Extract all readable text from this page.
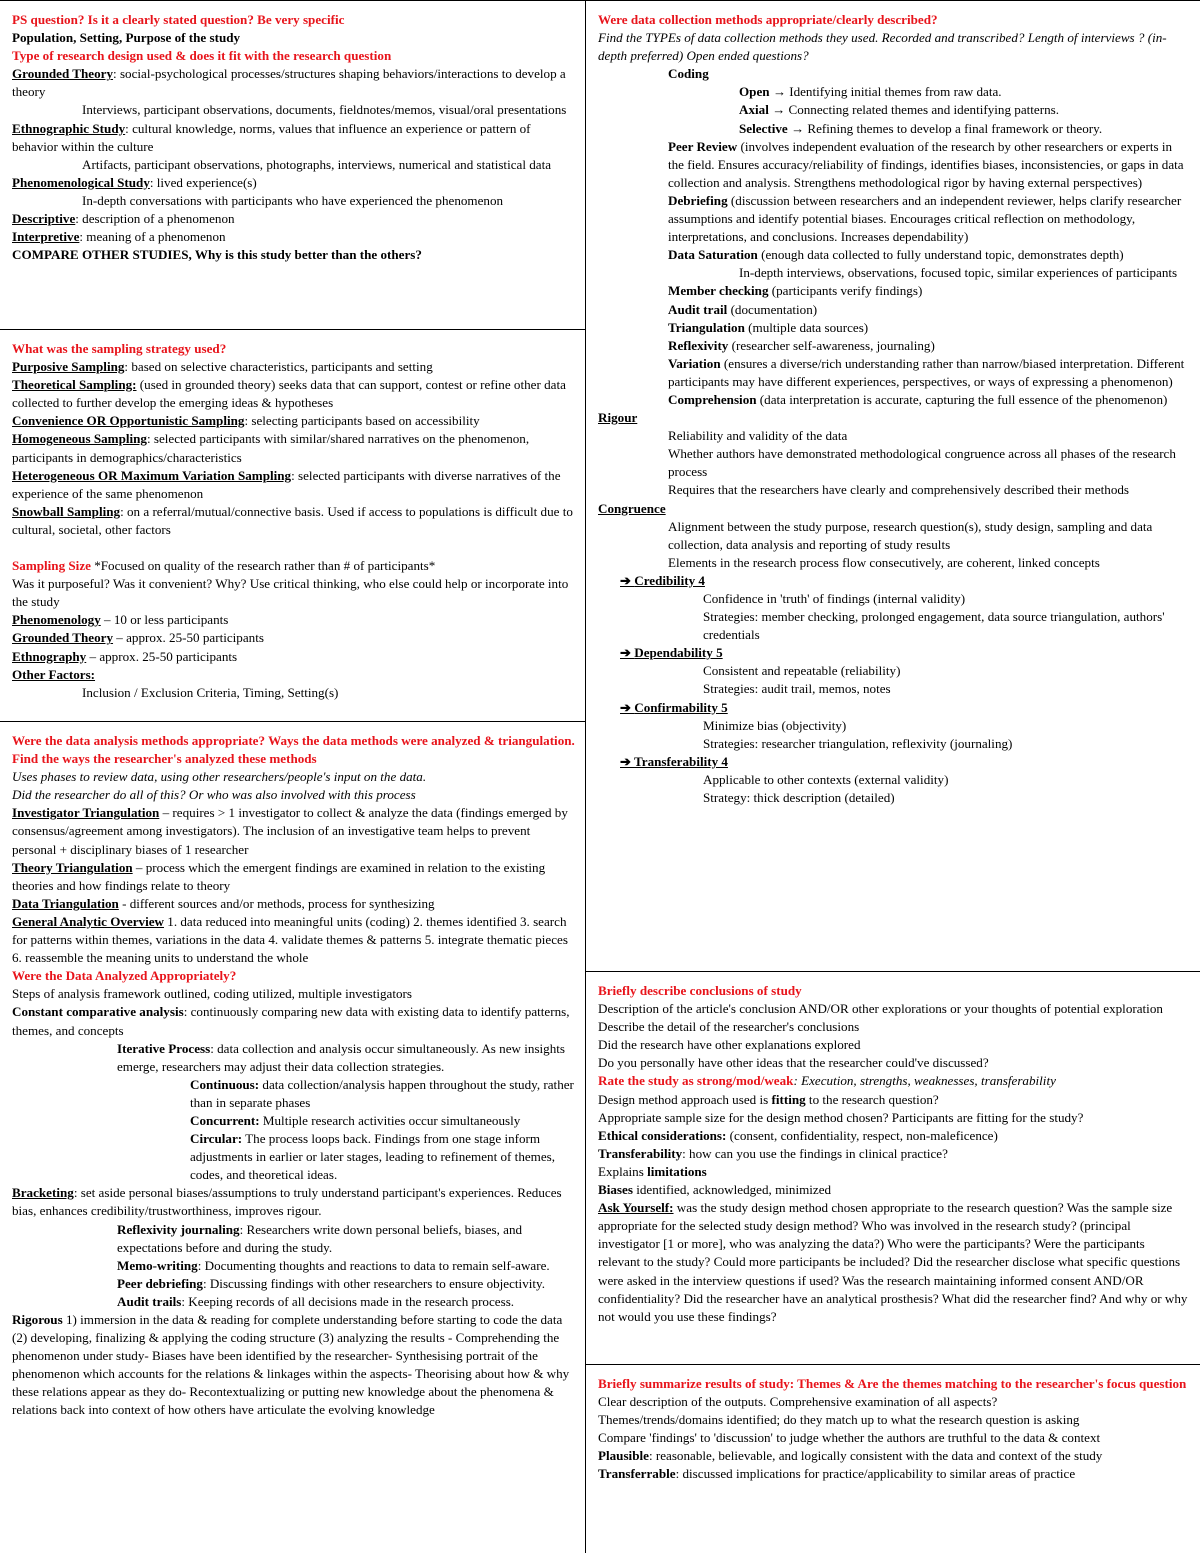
PS question? Is it a clearly stated question? Be very specific

Population, Setting, Purpose of the study

Type of research design used & does it fit with the research question

Grounded Theory: social-psychological processes/structures shaping behaviors/interactions to develop a theory

Interviews, participant observations, documents, fieldnotes/memos, visual/oral presentations

Ethnographic Study: cultural knowledge, norms, values that influence an experience or pattern of behavior within the culture

Artifacts, participant observations, photographs, interviews, numerical and statistical data

Phenomenological Study: lived experience(s)

In-depth conversations with participants who have experienced the phenomenon

Descriptive: description of a phenomenon

Interpretive: meaning of a phenomenon

COMPARE OTHER STUDIES, Why is this study better than the others?

What was the sampling strategy used?

Purposive Sampling: based on selective characteristics, participants and setting

Theoretical Sampling: (used in grounded theory) seeks data that can support, contest or refine other data collected to further develop the emerging ideas & hypotheses

Convenience OR Opportunistic Sampling: selecting participants based on accessibility

Homogeneous Sampling: selected participants with similar/shared narratives on the phenomenon, participants in demographics/characteristics

Heterogeneous OR Maximum Variation Sampling: selected participants with diverse narratives of the experience of the same phenomenon

Snowball Sampling: on a referral/mutual/connective basis. Used if access to populations is difficult due to cultural, societal, other factors

Sampling Size *Focused on quality of the research rather than # of participants*

Was it purposeful? Was it convenient? Why? Use critical thinking, who else could help or incorporate into the study

Phenomenology – 10 or less participants

Grounded Theory – approx. 25-50 participants

Ethnography – approx. 25-50 participants

Other Factors:

Inclusion / Exclusion Criteria, Timing, Setting(s)

Were the data analysis methods appropriate? Ways the data methods were analyzed & triangulation. Find the ways the researcher's analyzed these methods

Uses phases to review data, using other researchers/people's input on the data.

Did the researcher do all of this? Or who was also involved with this process

Investigator Triangulation – requires > 1 investigator to collect & analyze the data (findings emerged by consensus/agreement among investigators). The inclusion of an investigative team helps to prevent personal + disciplinary biases of 1 researcher

Theory Triangulation – process which the emergent findings are examined in relation to the existing theories and how findings relate to theory

Data Triangulation - different sources and/or methods, process for synthesizing

General Analytic Overview 1. data reduced into meaningful units (coding) 2. themes identified 3. search for patterns within themes, variations in the data 4. validate themes & patterns 5. integrate thematic pieces 6. reassemble the meaning units to understand the whole

Were the Data Analyzed Appropriately?

Steps of analysis framework outlined, coding utilized, multiple investigators

Constant comparative analysis: continuously comparing new data with existing data to identify patterns, themes, and concepts

Iterative Process: data collection and analysis occur simultaneously. As new insights emerge, researchers may adjust their data collection strategies.

Continuous: data collection/analysis happen throughout the study, rather than in separate phases

Concurrent: Multiple research activities occur simultaneously

Circular: The process loops back. Findings from one stage inform adjustments in earlier or later stages, leading to refinement of themes, codes, and theoretical ideas.

Bracketing: set aside personal biases/assumptions to truly understand participant's experiences. Reduces bias, enhances credibility/trustworthiness, improves rigour.

Reflexivity journaling: Researchers write down personal beliefs, biases, and expectations before and during the study.

Memo-writing: Documenting thoughts and reactions to data to remain self-aware.

Peer debriefing: Discussing findings with other researchers to ensure objectivity.

Audit trails: Keeping records of all decisions made in the research process.

Rigorous 1) immersion in the data & reading for complete understanding before starting to code the data (2) developing, finalizing & applying the coding structure (3) analyzing the results - Comprehending the phenomenon under study- Biases have been identified by the researcher- Synthesising portrait of the phenomenon which accounts for the relations & linkages within the aspects- Theorising about how & why these relations appear as they do- Recontextualizing or putting new knowledge about the phenomena & relations back into context of how others have articulate the evolving knowledge

Were data collection methods appropriate/clearly described?

Find the TYPEs of data collection methods they used. Recorded and transcribed? Length of interviews ? (in-depth preferred) Open ended questions?

Coding

Open → Identifying initial themes from raw data.

Axial → Connecting related themes and identifying patterns.

Selective → Refining themes to develop a final framework or theory.

Peer Review (involves independent evaluation of the research by other researchers or experts in the field. Ensures accuracy/reliability of findings, identifies biases, inconsistencies, or gaps in data collection and analysis. Strengthens methodological rigor by having external perspectives)

Debriefing (discussion between researchers and an independent reviewer, helps clarify researcher assumptions and identify potential biases. Encourages critical reflection on methodology, interpretations, and conclusions. Increases dependability)

Data Saturation (enough data collected to fully understand topic, demonstrates depth)

In-depth interviews, observations, focused topic, similar experiences of participants

Member checking (participants verify findings)

Audit trail (documentation)

Triangulation (multiple data sources)

Reflexivity (researcher self-awareness, journaling)

Variation (ensures a diverse/rich understanding rather than narrow/biased interpretation. Different participants may have different experiences, perspectives, or ways of expressing a phenomenon)

Comprehension (data interpretation is accurate, capturing the full essence of the phenomenon)

Rigour

Reliability and validity of the data

Whether authors have demonstrated methodological congruence across all phases of the research process

Requires that the researchers have clearly and comprehensively described their methods

Congruence

Alignment between the study purpose, research question(s), study design, sampling and data collection, data analysis and reporting of study results

Elements in the research process flow consecutively, are coherent, linked concepts

➔ Credibility 4

Confidence in 'truth' of findings (internal validity)

Strategies: member checking, prolonged engagement, data source triangulation, authors' credentials

➔ Dependability 5

Consistent and repeatable (reliability)

Strategies: audit trail, memos, notes

➔ Confirmability 5

Minimize bias (objectivity)

Strategies: researcher triangulation, reflexivity (journaling)

➔ Transferability 4

Applicable to other contexts (external validity)

Strategy: thick description (detailed)

Briefly describe conclusions of study

Description of the article's conclusion AND/OR other explorations or your thoughts of potential exploration

Describe the detail of the researcher's conclusions

Did the research have other explanations explored

Do you personally have other ideas that the researcher could've discussed?

Rate the study as strong/mod/weak: Execution, strengths, weaknesses, transferability

Design method approach used is fitting to the research question?

Appropriate sample size for the design method chosen? Participants are fitting for the study?

Ethical considerations: (consent, confidentiality, respect, non-maleficence)

Transferability: how can you use the findings in clinical practice?

Explains limitations

Biases identified, acknowledged, minimized

Ask Yourself: was the study design method chosen appropriate to the research question? Was the sample size appropriate for the selected study design method? Who was involved in the research study? (principal investigator [1 or more], who was analyzing the data?) Who were the participants? Were the participants relevant to the study? Could more participants be included? Did the researcher disclose what specific questions were asked in the interview questions if used? Was the research maintaining informed consent AND/OR confidentiality? Did the researcher have an analytical prosthesis? What did the researcher find? And why or why not would you use these findings?

Briefly summarize results of study: Themes & Are the themes matching to the researcher's focus question

Clear description of the outputs. Comprehensive examination of all aspects?

Themes/trends/domains identified; do they match up to what the research question is asking

Compare 'findings' to 'discussion' to judge whether the authors are truthful to the data & context

Plausible: reasonable, believable, and logically consistent with the data and context of the study

Transferrable: discussed implications for practice/applicability to similar areas of practice
